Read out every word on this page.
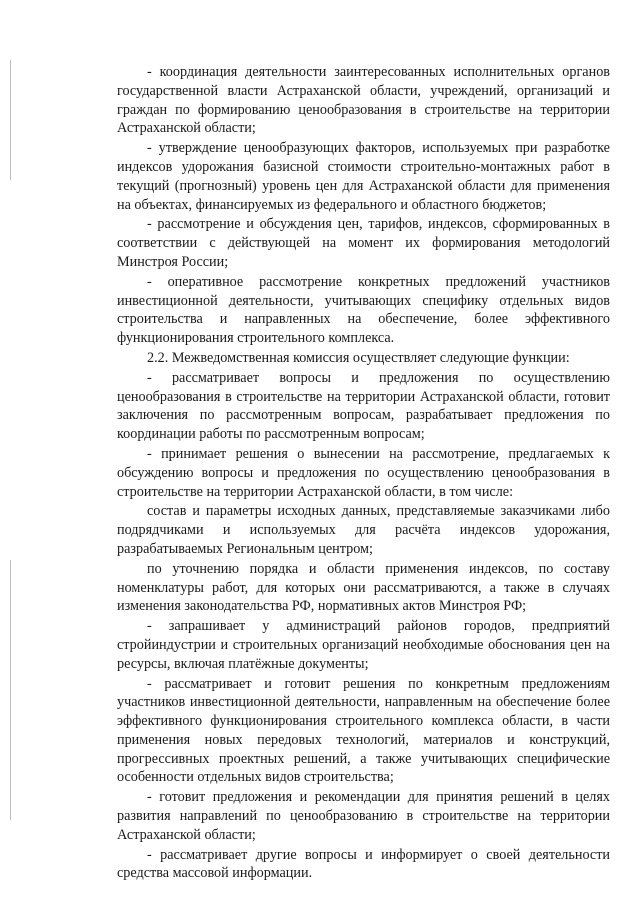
- координация деятельности заинтересованных исполнительных органов государственной власти Астраханской области, учреждений, организаций и граждан по формированию ценообразования в строительстве на территории Астраханской области;

- утверждение ценообразующих факторов, используемых при разработке индексов удорожания базисной стоимости строительно-монтажных работ в текущий (прогнозный) уровень цен для Астраханской области для применения на объектах, финансируемых из федерального и областного бюджетов;

- рассмотрение и обсуждения цен, тарифов, индексов, сформированных в соответствии с действующей на момент их формирования методологий Минстроя России;

- оперативное рассмотрение конкретных предложений участников инвестиционной деятельности, учитывающих специфику отдельных видов строительства и направленных на обеспечение, более эффективного функционирования строительного комплекса.

2.2. Межведомственная комиссия осуществляет следующие функции:

- рассматривает вопросы и предложения по осуществлению ценообразования в строительстве на территории Астраханской области, готовит заключения по рассмотренным вопросам, разрабатывает предложения по координации работы по рассмотренным вопросам;

- принимает решения о вынесении на рассмотрение, предлагаемых к обсуждению вопросы и предложения по осуществлению ценообразования в строительстве на территории Астраханской области, в том числе:

состав и параметры исходных данных, представляемые заказчиками либо подрядчиками и используемых для расчёта индексов удорожания, разрабатываемых Региональным центром;

по уточнению порядка и области применения индексов, по составу номенклатуры работ, для которых они рассматриваются, а также в случаях изменения законодательства РФ, нормативных актов Минстроя РФ;

- запрашивает у администраций районов городов, предприятий стройиндустрии и строительных организаций необходимые обоснования цен на ресурсы, включая платёжные документы;

- рассматривает и готовит решения по конкретным предложениям участников инвестиционной деятельности, направленным на обеспечение более эффективного функционирования строительного комплекса области, в части применения новых передовых технологий, материалов и конструкций, прогрессивных проектных решений, а также учитывающих специфические особенности отдельных видов строительства;

- готовит предложения и рекомендации для принятия решений в целях развития направлений по ценообразованию в строительстве на территории Астраханской области;

- рассматривает другие вопросы и информирует о своей деятельности средства массовой информации.
